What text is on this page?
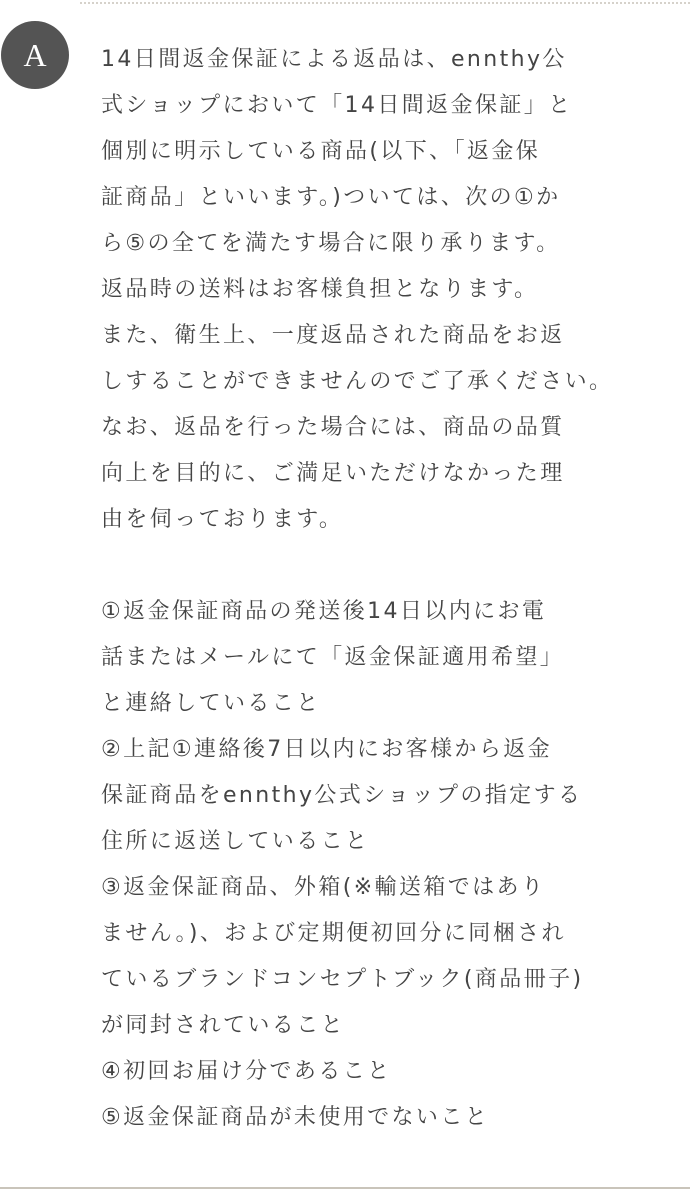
A 14日間返金保証による返品は、ennthy公
式ショップにおいて「14日間返金保証」と
個別に明示している商品(以下、「返金保
証商品」といいます。)ついては、次の①か
ら⑤の全てを満たす場合に限り承ります。
返品時の送料はお客様負担となります。
また、衛生上、一度返品された商品をお返
しすることができませんのでご了承ください。
なお、返品を行った場合には、商品の品質
向上を目的に、ご満足いただけなかった理
由を伺っております。
①返金保証商品の発送後14日以内にお電
話またはメールにて「返金保証適用希望」
と連絡していること
②上記①連絡後7日以内にお客様から返金
保証商品をennthy公式ショップの指定する
住所に返送していること
③返金保証商品、外箱(※輸送箱ではあり
ません。)、および定期便初回分に同梱され
ているブランドコンセプトブック(商品冊子)
が同封されていること
④初回お届け分であること
⑤返金保証商品が未使用でないこと
